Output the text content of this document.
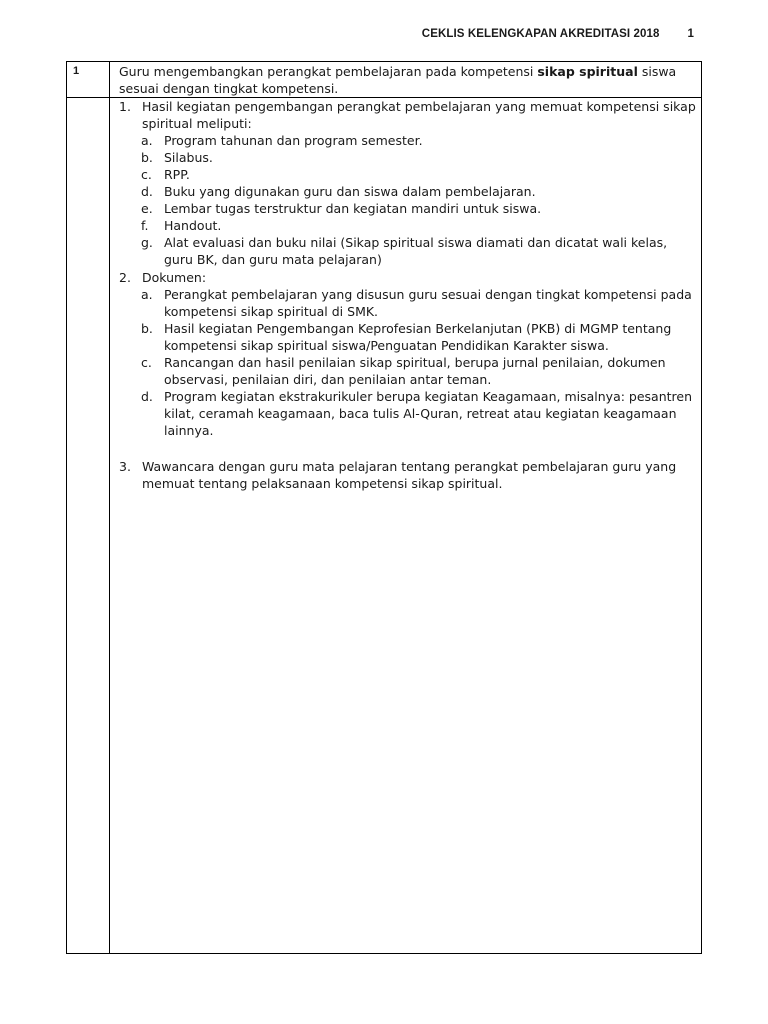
CEKLIS KELENGKAPAN AKREDITASI 2018 1
1	Guru mengembangkan perangkat pembelajaran pada kompetensi sikap spiritual siswa sesuai dengan tingkat kompetensi.

1. Hasil kegiatan pengembangan perangkat pembelajaran yang memuat kompetensi sikap spiritual meliputi:
a. Program tahunan dan program semester.
b. Silabus.
c. RPP.
d. Buku yang digunakan guru dan siswa dalam pembelajaran.
e. Lembar tugas terstruktur dan kegiatan mandiri untuk siswa.
f. Handout.
g. Alat evaluasi dan buku nilai (Sikap spiritual siswa diamati dan dicatat wali kelas, guru BK, dan guru mata pelajaran)
2. Dokumen:
a. Perangkat pembelajaran yang disusun guru sesuai dengan tingkat kompetensi pada kompetensi sikap spiritual di SMK.
b. Hasil kegiatan Pengembangan Keprofesian Berkelanjutan (PKB) di MGMP tentang kompetensi sikap spiritual siswa/Penguatan Pendidikan Karakter siswa.
c. Rancangan dan hasil penilaian sikap spiritual, berupa jurnal penilaian, dokumen observasi, penilaian diri, dan penilaian antar teman.
d. Program kegiatan ekstrakurikuler berupa kegiatan Keagamaan, misalnya: pesantren kilat, ceramah keagamaan, baca tulis Al-Quran, retreat atau kegiatan keagamaan lainnya.
3. Wawancara dengan guru mata pelajaran tentang perangkat pembelajaran guru yang memuat tentang pelaksanaan kompetensi sikap spiritual.
